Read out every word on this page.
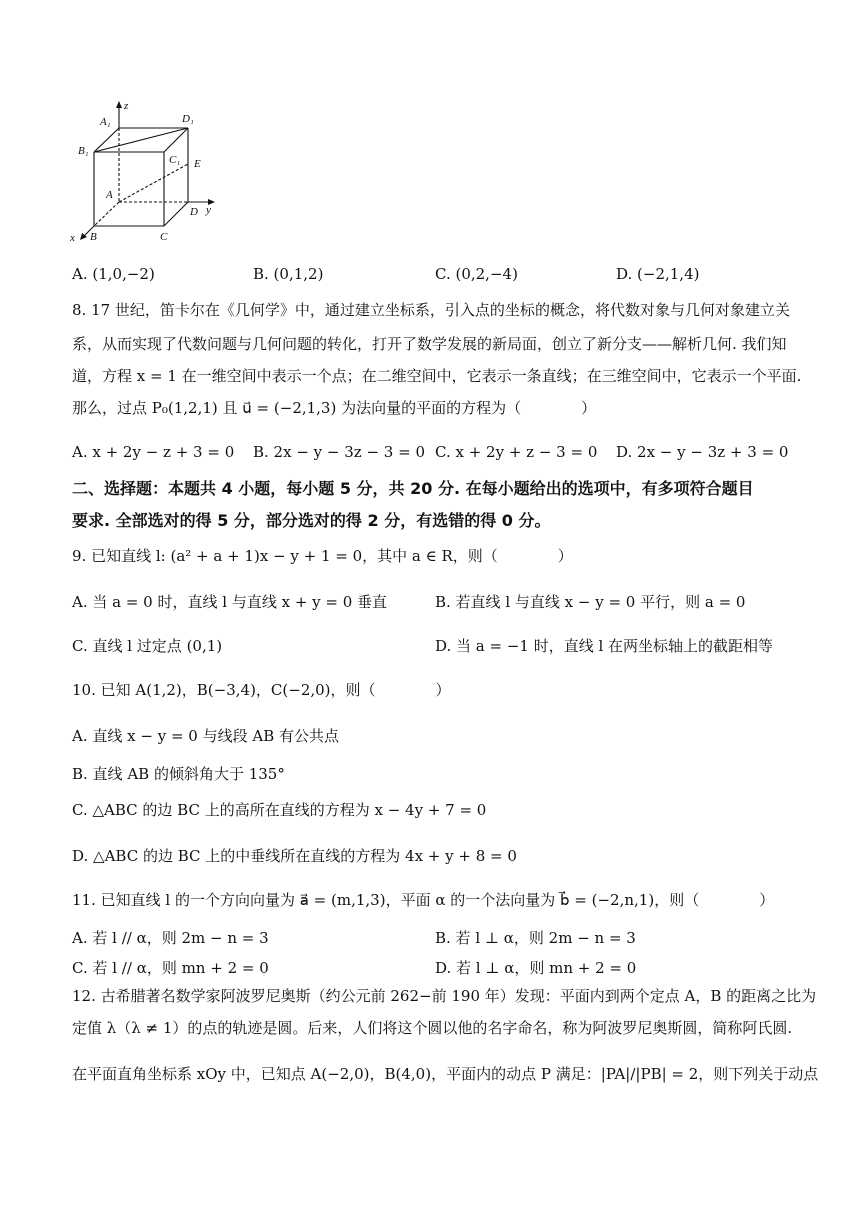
z
A₁	D₁
B₁
C₁ E
A
D y
x B	C
A. (1,0,−2)	B. (0,1,2)	C. (0,2,−4)	D. (−2,1,4)
8. 17 世纪，笛卡尔在《几何学》中，通过建立坐标系，引入点的坐标的概念，将代数对象与几何对象建立关
系，从而实现了代数问题与几何问题的转化，打开了数学发展的新局面，创立了新分支——解析几何. 我们知
道，方程 x = 1 在一维空间中表示一个点；在二维空间中，它表示一条直线；在三维空间中，它表示一个平面.
那么，过点 P₀(1,2,1) 且 u⃗ = (−2,1,3) 为法向量的平面的方程为（　　　　）
A. x + 2y − z + 3 = 0 B. 2x − y − 3z − 3 = 0 C. x + 2y + z − 3 = 0 D. 2x − y − 3z + 3 = 0
二、选择题：本题共 4 小题，每小题 5 分，共 20 分. 在每小题给出的选项中，有多项符合题目
要求. 全部选对的得 5 分，部分选对的得 2 分，有选错的得 0 分。
9. 已知直线 l: (a² + a + 1)x − y + 1 = 0，其中 a ∈ R，则（　　　　）
A. 当 a = 0 时，直线 l 与直线 x + y = 0 垂直	B. 若直线 l 与直线 x − y = 0 平行，则 a = 0
C. 直线 l 过定点 (0,1)	D. 当 a = −1 时，直线 l 在两坐标轴上的截距相等
10. 已知 A(1,2)，B(−3,4)，C(−2,0)，则（　　　　）
A. 直线 x − y = 0 与线段 AB 有公共点
B. 直线 AB 的倾斜角大于 135°
C. △ABC 的边 BC 上的高所在直线的方程为 x − 4y + 7 = 0
D. △ABC 的边 BC 上的中垂线所在直线的方程为 4x + y + 8 = 0
11. 已知直线 l 的一个方向向量为 a⃗ = (m,1,3)，平面 α 的一个法向量为 b⃗ = (−2,n,1)，则（　　　　）
A. 若 l // α，则 2m − n = 3	B. 若 l ⊥ α，则 2m − n = 3
C. 若 l // α，则 mn + 2 = 0	D. 若 l ⊥ α，则 mn + 2 = 0
12. 古希腊著名数学家阿波罗尼奥斯（约公元前 262−前 190 年）发现：平面内到两个定点 A，B 的距离之比为
定值 λ（λ ≠ 1）的点的轨迹是圆。后来，人们将这个圆以他的名字命名，称为阿波罗尼奥斯圆，简称阿氏圆.
在平面直角坐标系 xOy 中，已知点 A(−2,0)，B(4,0)，平面内的动点 P 满足：|PA|/|PB| = 2，则下列关于动点
